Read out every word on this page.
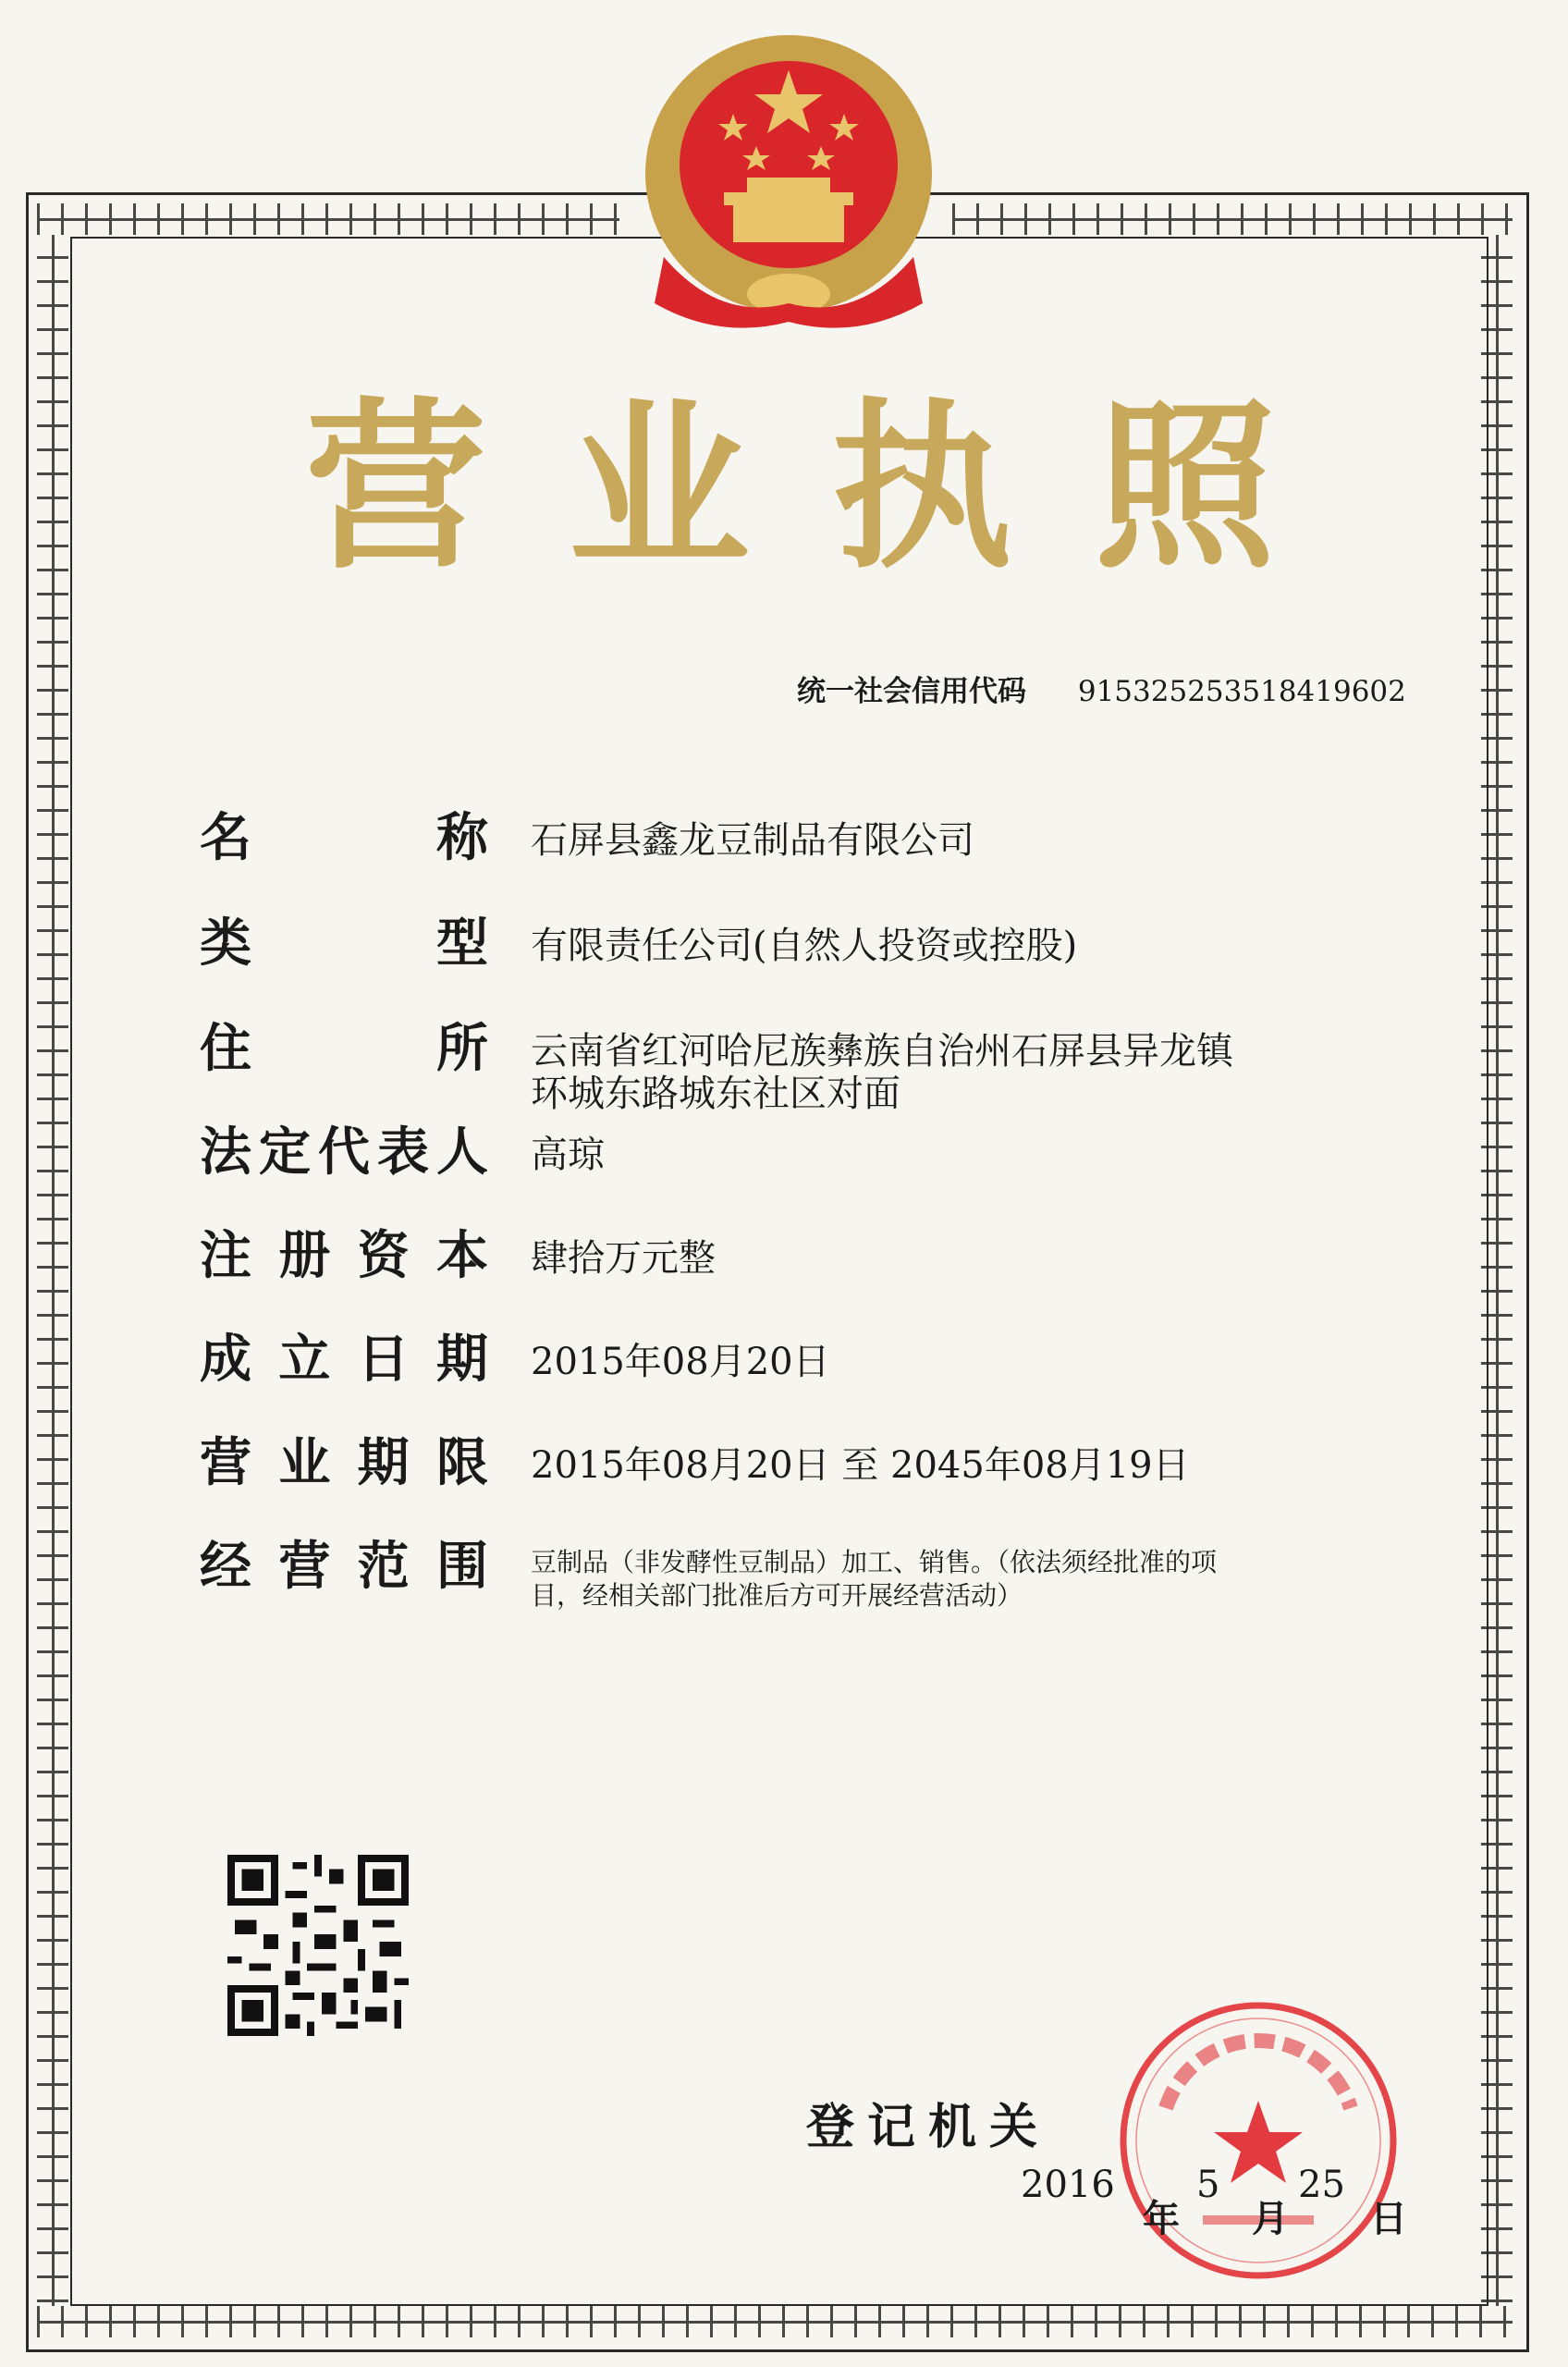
营 业 执 照
统一社会信用代码 915325253518419602
名	称 石屏县鑫龙豆制品有限公司
类	型 有限责任公司(自然人投资或控股)
住	所 云南省红河哈尼族彝族自治州石屏县异龙镇
环城东路城东社区对面
法 定 代 表 人 高琼
注 册 资 本 肆拾万元整
成 立 日 期 2015年08月20日
营 业 期 限 2015年08月20日 至 2045年08月19日
经 营 范 围 豆制品（非发酵性豆制品）加工、销售。（依法须经批准的项
目，经相关部门批准后方可开展经营活动）
登记机关
2016
年
5
月
25
日
